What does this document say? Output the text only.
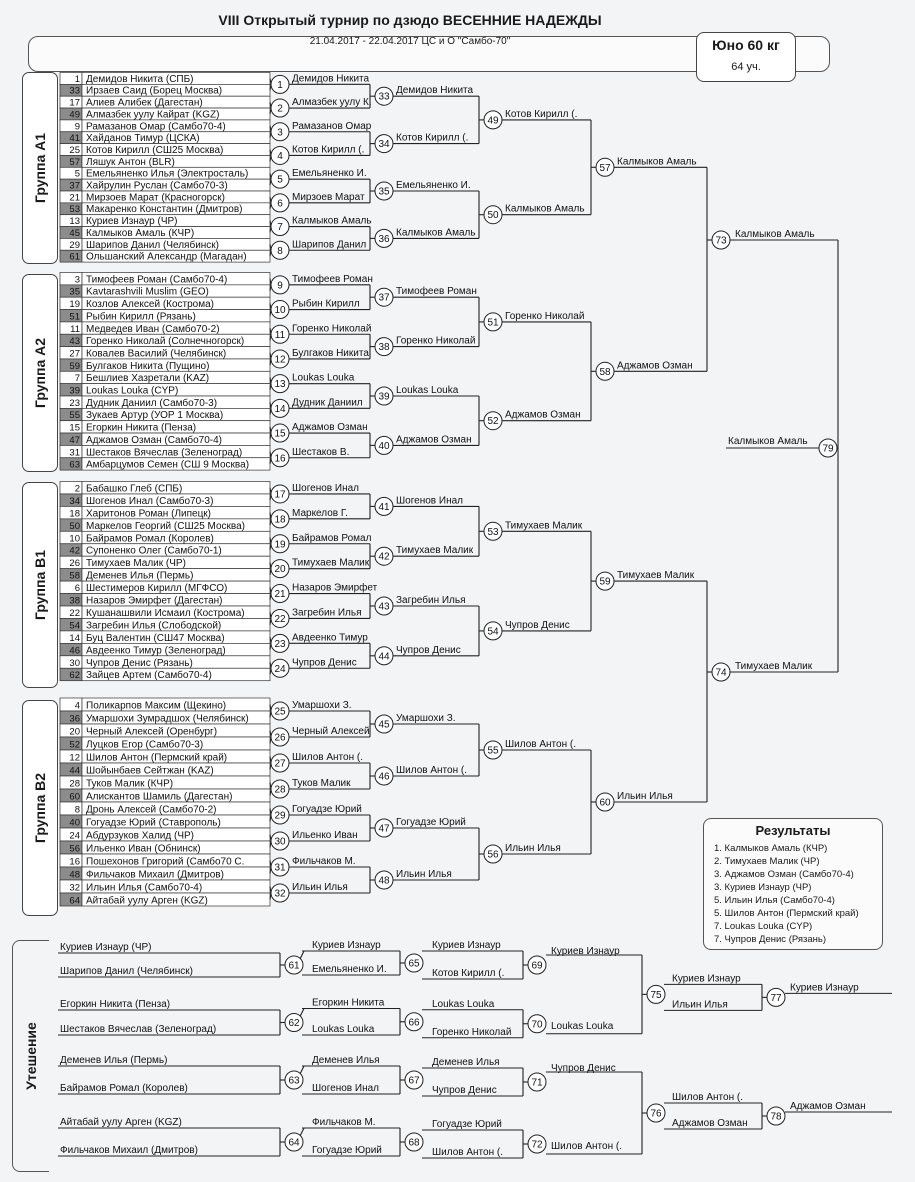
VIII Открытый турнир по дзюдо ВЕСЕННИЕ НАДЕЖДЫ
21.04.2017 - 22.04.2017 ЦС и О "Самбо-70"	Юно 60 кг
64 уч.
Группа А1
Группа А2
Группа В1
Группа В2
Утешение
Результаты
1. Калмыков Амаль (КЧР)
2. Тимухаев Малик (ЧР)
3. Аджамов Озман (Самбо70-4)
3. Куриев Изнаур (ЧР)
5. Ильин Илья (Самбо70-4)
5. Шилов Антон (Пермский край)
7. Loukas Louka (CYP)
7. Чупров Денис (Рязань)
1 Демидов Никита (СПБ)
33 Ирзаев Саид (Борец Москва)
17 Алиев Алибек (Дагестан)
49 Алмазбек уулу Кайрат (KGZ)
9 Рамазанов Омар (Самбо70-4)
41 Хайданов Тимур (ЦСКА)
25 Котов Кирилл (СШ25 Москва)
57 Ляшук Антон (BLR)
5 Емельяненко Илья (Электросталь)
37 Хайрулин Руслан (Самбо70-3)
21 Мирзоев Марат (Красногорск)
53 Макаренко Константин (Дмитров)
13 Куриев Изнаур (ЧР)
45 Калмыков Амаль (КЧР)
29 Шарипов Данил (Челябинск)
61 Ольшанский Александр (Магадан)
3 Тимофеев Роман (Самбо70-4)
35 Kavtarashvili Muslim (GEO)
19 Козлов Алексей (Кострома)
51 Рыбин Кирилл (Рязань)
11 Медведев Иван (Самбо70-2)
43 Горенко Николай (Солнечногорск)
27 Ковалев Василий (Челябинск)
59 Булгаков Никита (Пущино)
7 Бешлиев Хазретали (KAZ)
39 Loukas Louka (CYP)
23 Дудник Даниил (Самбо70-3)
55 Зукаев Артур (УОР 1 Москва)
15 Егоркин Никита (Пенза)
47 Аджамов Озман (Самбо70-4)
31 Шестаков Вячеслав (Зеленоград)
63 Амбарцумов Семен (СШ 9 Москва)
2 Бабашко Глеб (СПБ)
34 Шогенов Инал (Самбо70-3)
18 Харитонов Роман (Липецк)
50 Маркелов Георгий (СШ25 Москва)
10 Байрамов Ромал (Королев)
42 Супоненко Олег (Самбо70-1)
26 Тимухаев Малик (ЧР)
58 Деменев Илья (Пермь)
6 Шестимеров Кирилл (МГФСО)
38 Назаров Эмирфет (Дагестан)
22 Кушанашвили Исмаил (Кострома)
54 Загребин Илья (Слободской)
14 Буц Валентин (СШ47 Москва)
46 Авдеенко Тимур (Зеленоград)
30 Чупров Денис (Рязань)
62 Зайцев Артем (Самбо70-4)
4 Поликарпов Максим (Щекино)
36 Умаршохи Зумрадшох (Челябинск)
20 Черный Алексей (Оренбург)
52 Луцков Егор (Самбо70-3)
12 Шилов Антон (Пермский край)
44 Шойынбаев Сейтжан (KAZ)
28 Туков Малик (КЧР)
60 Алискантов Шамиль (Дагестан)
8 Дронь Алексей (Самбо70-2)
40 Гогуадзе Юрий (Ставрополь)
24 Абдурзуков Халид (ЧР)
56 Ильенко Иван (Обнинск)
16 Пошехонов Григорий (Самбо70 С.
48 Фильчаков Михаил (Дмитров)
32 Ильин Илья (Самбо70-4)
64 Айтабай уулу Арген (KGZ)
Демидов Никита
1
Алмазбек уулу К.
2
Рамазанов Омар
3
Котов Кирилл (.
4
Емельяненко И.
5
Мирзоев Марат
6
Калмыков Амаль
7
Шарипов Данил
8
Тимофеев Роман
9
Рыбин Кирилл
10
Горенко Николай
11
Булгаков Никита
12
Loukas Louka
13
Дудник Даниил
14
Аджамов Озман
15
Шестаков В.
16
Шогенов Инал
17
Маркелов Г.
18
Байрамов Ромал
19
Тимухаев Малик
20
Назаров Эмирфет
21
Загребин Илья
22
Авдеенко Тимур
23
Чупров Денис
24
Умаршохи З.
25
Черный Алексей
26
Шилов Антон (.
27
Туков Малик
28
Гогуадзе Юрий
29
Ильенко Иван
30
Фильчаков М.
31
Ильин Илья
32
Демидов Никита
33
Котов Кирилл (.
34
Емельяненко И.
35
Калмыков Амаль
36
Тимофеев Роман
37
Горенко Николай
38
Loukas Louka
39
Аджамов Озман
40
Шогенов Инал
41
Тимухаев Малик
42
Загребин Илья
43
Чупров Денис
44
Умаршохи З.
45
Шилов Антон (.
46
Гогуадзе Юрий
47
Ильин Илья
48
Котов Кирилл (.
49
Калмыков Амаль
50
Горенко Николай
51
Аджамов Озман
52
Тимухаев Малик
53
Чупров Денис
54
Шилов Антон (.
55
Ильин Илья
56
Калмыков Амаль
57
Аджамов Озман
58
Тимухаев Малик
59
Ильин Илья
60
Калмыков Амаль
73
Тимухаев Малик
74
Калмыков Амаль
79
Куриев Изнаур (ЧР)
Шарипов Данил (Челябинск)
Егоркин Никита (Пенза)
Шестаков Вячеслав (Зеленоград)
Деменев Илья (Пермь)
Байрамов Ромал (Королев)
Айтабай уулу Арген (KGZ)
Фильчаков Михаил (Дмитров)
Куриев Изнаур
Емельяненко И.
61
Егоркин Никита
Loukas Louka
62
Деменев Илья
Шогенов Инал
63
Фильчаков М.
Гогуадзе Юрий
64
Куриев Изнаур
Котов Кирилл (.
65
Loukas Louka
Горенко Николай
66
Деменев Илья
Чупров Денис
67
Гогуадзе Юрий
Шилов Антон (.
68
Куриев Изнаур
69
Loukas Louka
70
Чупров Денис
71
Шилов Антон (.
72
Куриев Изнаур
Ильин Илья
75
Куриев Изнаур
77
Шилов Антон (.
Аджамов Озман
76
Аджамов Озман
78
